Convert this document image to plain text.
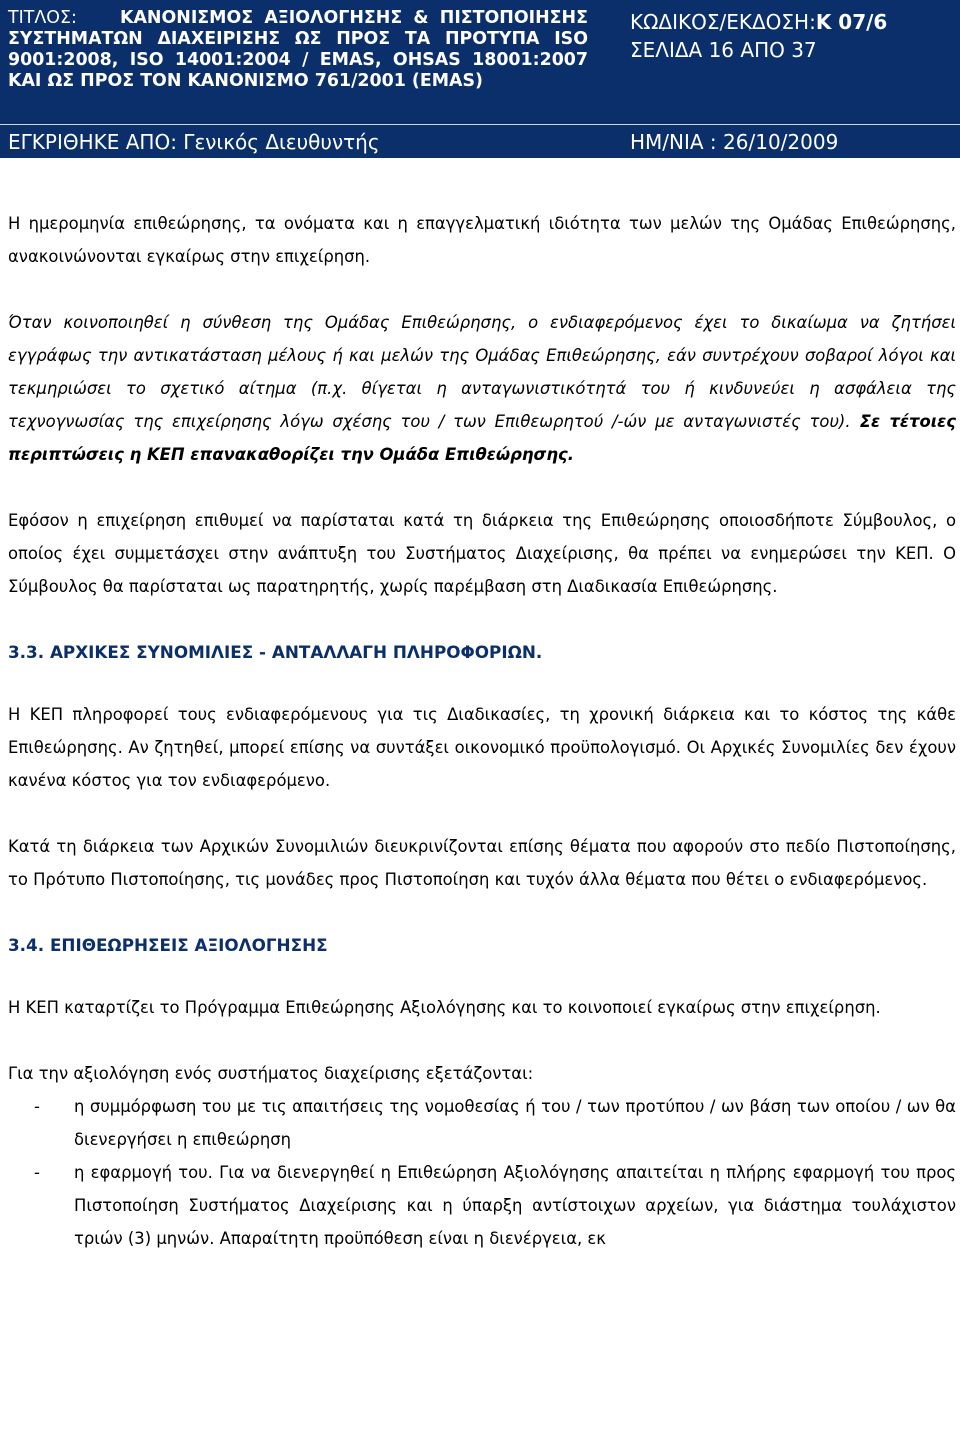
ΤΙΤΛΟΣ:	ΚΑΝΟΝΙΣΜΟΣ ΑΞΙΟΛΟΓΗΣΗΣ & ΠΙΣΤΟΠΟΙΗΣΗΣ ΣΥΣΤΗΜΑΤΩΝ ΔΙΑΧΕΙΡΙΣΗΣ ΩΣ ΠΡΟΣ ΤΑ ΠΡΟΤΥΠΑ ISO 9001:2008, ISO 14001:2004 / EMAS, OHSAS 18001:2007 ΚΑΙ ΩΣ ΠΡΟΣ ΤΟΝ ΚΑΝΟΝΙΣΜΟ 761/2001 (EMAS)
ΚΩΔΙΚΟΣ/ΕΚΔΟΣΗ:Κ 07/6
ΣΕΛΙΔΑ 16 ΑΠΟ 37
ΕΓΚΡΙΘΗΚΕ ΑΠΟ: Γενικός Διευθυντής	ΗΜ/ΝΙΑ : 26/10/2009

Η ημερομηνία επιθεώρησης, τα ονόματα και η επαγγελματική ιδιότητα των μελών της Ομάδας Επιθεώρησης, ανακοινώνονται εγκαίρως στην επιχείρηση.

Όταν κοινοποιηθεί η σύνθεση της Ομάδας Επιθεώρησης, ο ενδιαφερόμενος έχει το δικαίωμα να ζητήσει εγγράφως την αντικατάσταση μέλους ή και μελών της Ομάδας Επιθεώρησης, εάν συντρέχουν σοβαροί λόγοι και τεκμηριώσει το σχετικό αίτημα (π.χ. θίγεται η ανταγωνιστικότητά του ή κινδυνεύει η ασφάλεια της τεχνογνωσίας της επιχείρησης λόγω σχέσης του / των Επιθεωρητού /-ών με ανταγωνιστές του). Σε τέτοιες περιπτώσεις η ΚΕΠ επανακαθορίζει την Ομάδα Επιθεώρησης.

Εφόσον η επιχείρηση επιθυμεί να παρίσταται κατά τη διάρκεια της Επιθεώρησης οποιοσδήποτε Σύμβουλος, ο οποίος έχει συμμετάσχει στην ανάπτυξη του Συστήματος Διαχείρισης, θα πρέπει να ενημερώσει την ΚΕΠ. Ο Σύμβουλος θα παρίσταται ως παρατηρητής, χωρίς παρέμβαση στη Διαδικασία Επιθεώρησης.

3.3. ΑΡΧΙΚΕΣ ΣΥΝΟΜΙΛΙΕΣ - ΑΝΤΑΛΛΑΓΗ ΠΛΗΡΟΦΟΡΙΩΝ.

Η ΚΕΠ πληροφορεί τους ενδιαφερόμενους για τις Διαδικασίες, τη χρονική διάρκεια και το κόστος της κάθε Επιθεώρησης. Αν ζητηθεί, μπορεί επίσης να συντάξει οικονομικό προϋπολογισμό. Οι Αρχικές Συνομιλίες δεν έχουν κανένα κόστος για τον ενδιαφερόμενο.

Κατά τη διάρκεια των Αρχικών Συνομιλιών διευκρινίζονται επίσης θέματα που αφορούν στο πεδίο Πιστοποίησης, το Πρότυπο Πιστοποίησης, τις μονάδες προς Πιστοποίηση και τυχόν άλλα θέματα που θέτει ο ενδιαφερόμενος.

3.4. ΕΠΙΘΕΩΡΗΣΕΙΣ ΑΞΙΟΛΟΓΗΣΗΣ

Η ΚΕΠ καταρτίζει το Πρόγραμμα Επιθεώρησης Αξιολόγησης και το κοινοποιεί εγκαίρως στην επιχείρηση.

Για την αξιολόγηση ενός συστήματος διαχείρισης εξετάζονται:

- η συμμόρφωση του με τις απαιτήσεις της νομοθεσίας ή του / των προτύπου / ων βάση των οποίου / ων θα διενεργήσει η επιθεώρηση
- η εφαρμογή του. Για να διενεργηθεί η Επιθεώρηση Αξιολόγησης απαιτείται η πλήρης εφαρμογή του προς Πιστοποίηση Συστήματος Διαχείρισης και η ύπαρξη αντίστοιχων αρχείων, για διάστημα τουλάχιστον τριών (3) μηνών. Απαραίτητη προϋπόθεση είναι η διενέργεια, εκ
